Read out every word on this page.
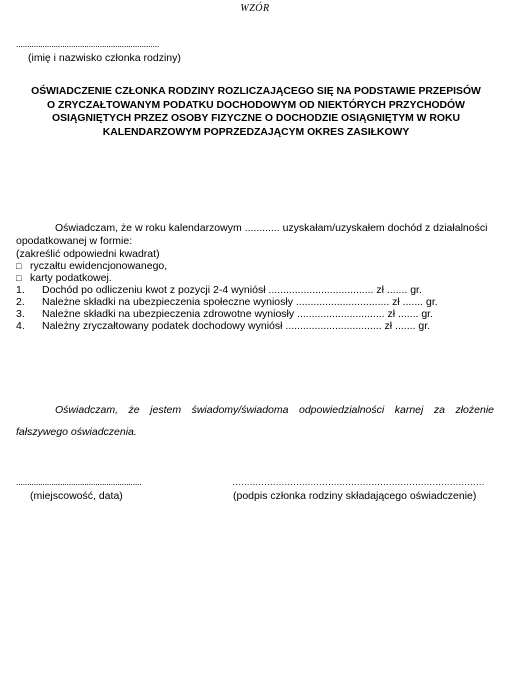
WZÓR
.................................................................
(imię i nazwisko członka rodziny)
OŚWIADCZENIE CZŁONKA RODZINY ROZLICZAJĄCEGO SIĘ NA PODSTAWIE PRZEPISÓW
O ZRYCZAŁTOWANYM PODATKU DOCHODOWYM OD NIEKTÓRYCH PRZYCHODÓW
OSIĄGNIĘTYCH PRZEZ OSOBY FIZYCZNE O DOCHODZIE OSIĄGNIĘTYM W ROKU
KALENDARZOWYM POPRZEDZAJĄCYM OKRES ZASIŁKOWY
Oświadczam, że w roku kalendarzowym ............ uzyskałam/uzyskałem dochód z działalności
opodatkowanej w formie:
(zakreślić odpowiedni kwadrat)
□ ryczałtu ewidencjonowanego,
□ karty podatkowej.
1. Dochód po odliczeniu kwot z pozycji 2-4 wyniósł .................................... zł ....... gr.
2. Należne składki na ubezpieczenia społeczne wyniosły ................................ zł ....... gr.
3. Należne składki na ubezpieczenia zdrowotne wyniosły .............................. zł ....... gr.
4. Należny zryczałtowany podatek dochodowy wyniósł ................................. zł ....... gr.
Oświadczam, że jestem świadomy/świadoma odpowiedzialności karnej za złożenie
fałszywego oświadczenia.
.........................................................	……………………………………………………………………………
(miejscowość, data)	(podpis członka rodziny składającego oświadczenie)
